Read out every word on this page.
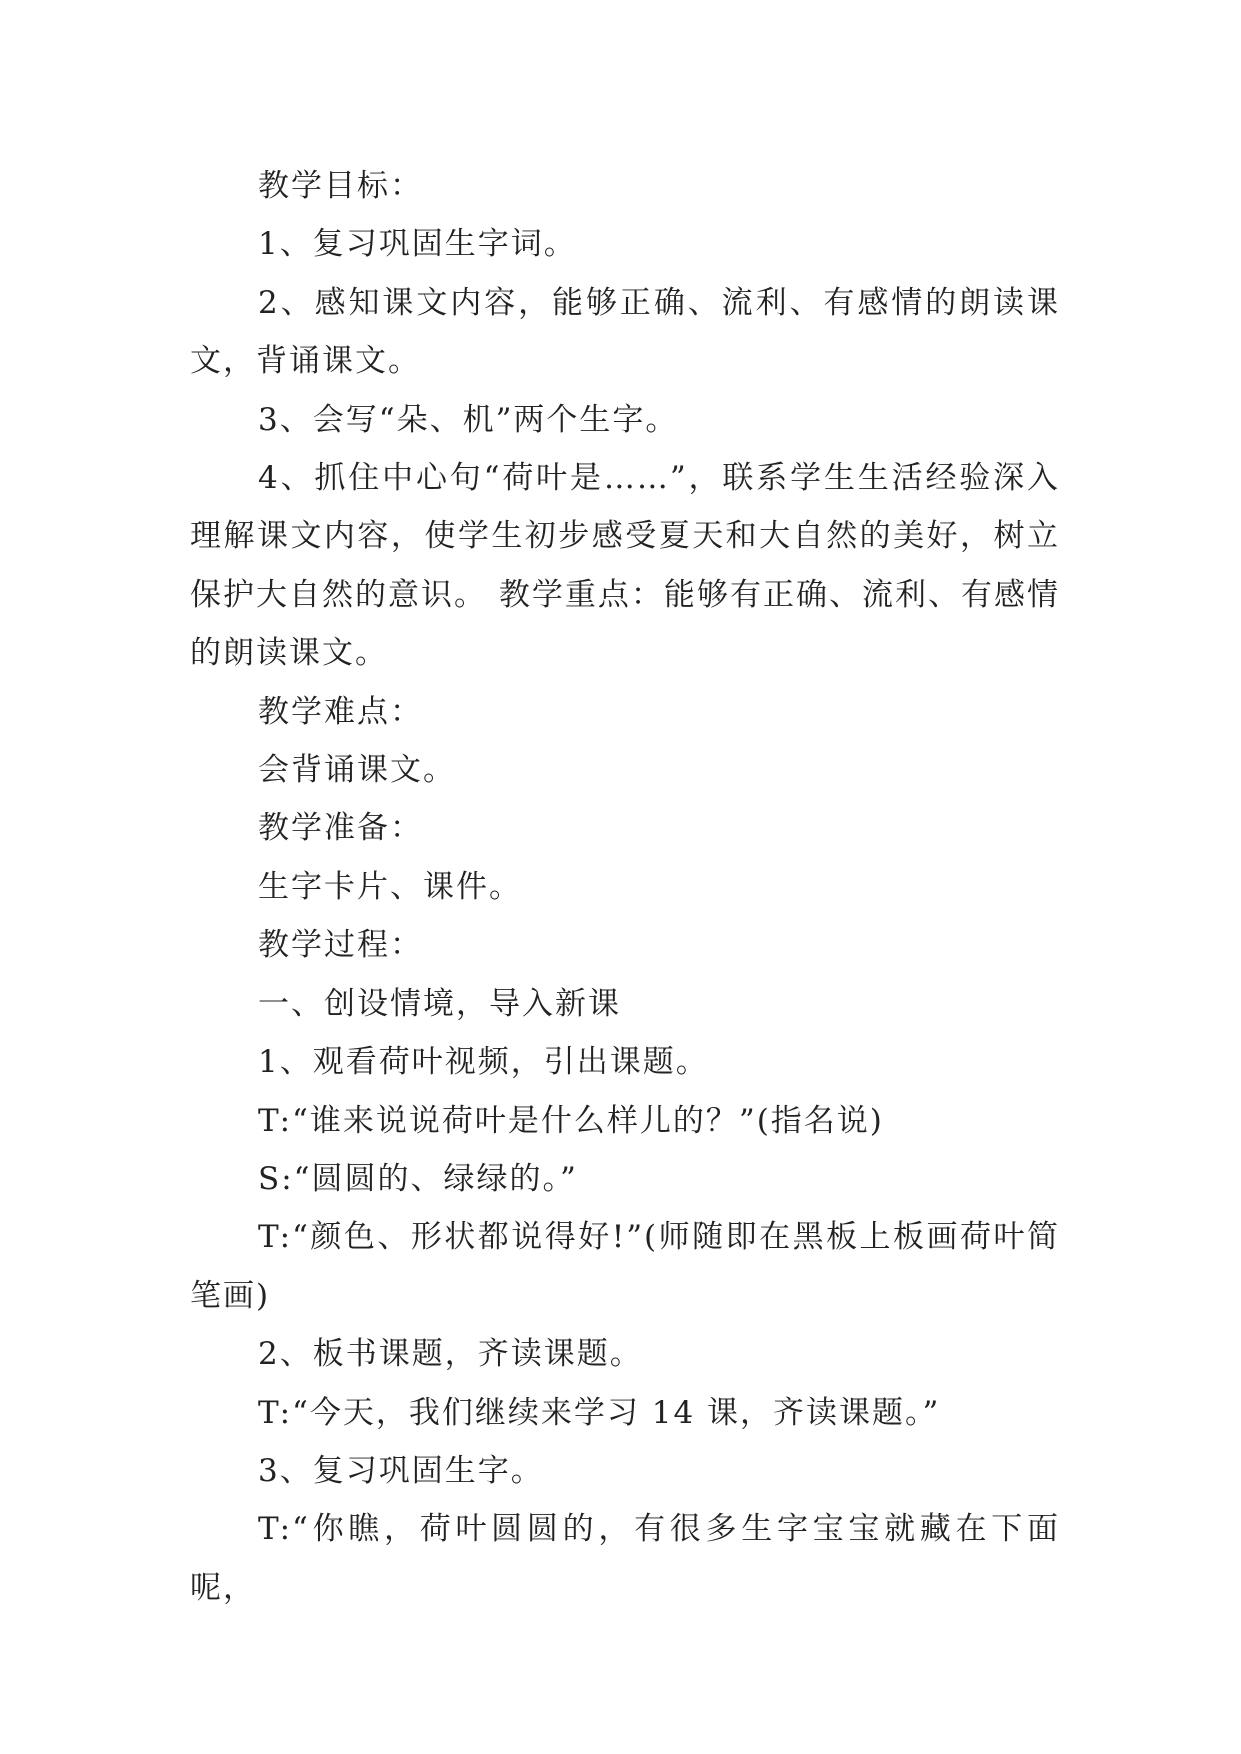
教学目标：

1、复习巩固生字词。

2、感知课文内容，能够正确、流利、有感情的朗读课文，背诵课文。

3、会写“朵、机”两个生字。

4、抓住中心句“荷叶是……”，联系学生生活经验深入理解课文内容，使学生初步感受夏天和大自然的美好，树立保护大自然的意识。 教学重点：能够有正确、流利、有感情的朗读课文。

教学难点：

会背诵课文。

教学准备：

生字卡片、课件。

教学过程：

一、创设情境，导入新课

1、观看荷叶视频，引出课题。

T:“谁来说说荷叶是什么样儿的？”(指名说)

S:“圆圆的、绿绿的。”

T:“颜色、形状都说得好!”(师随即在黑板上板画荷叶简笔画)

2、板书课题，齐读课题。

T:“今天，我们继续来学习 14 课，齐读课题。”

3、复习巩固生字。

T:“你瞧，荷叶圆圆的，有很多生字宝宝就藏在下面呢，
